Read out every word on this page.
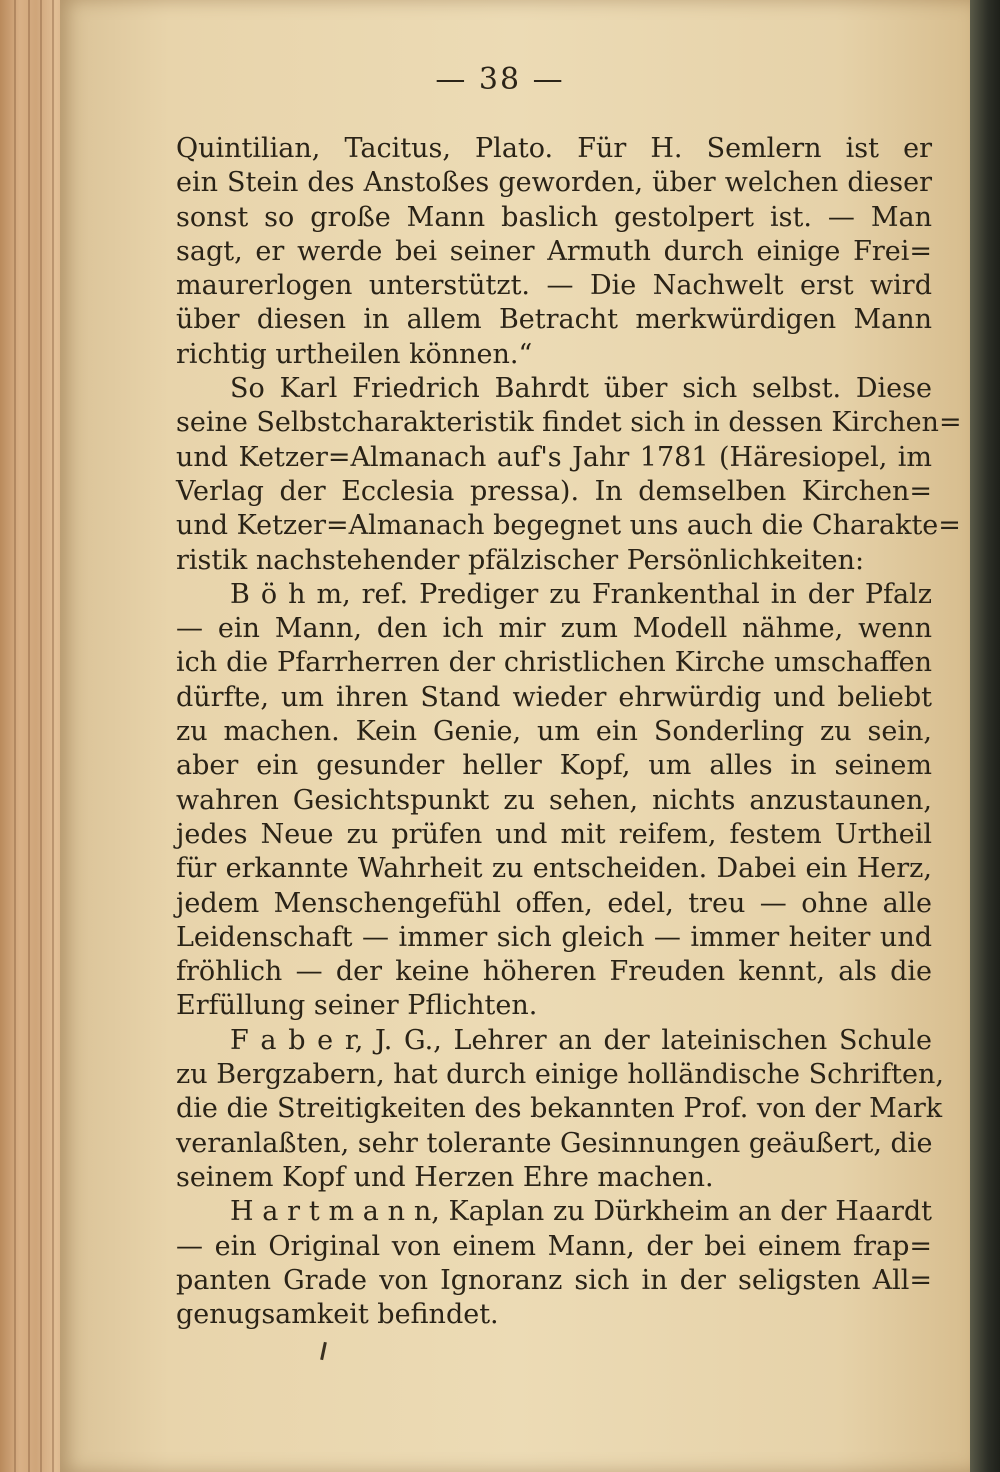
— 38 —
Quintilian, Tacitus, Plato. Für H. Semlern ist er
ein Stein des Anstoßes geworden, über welchen dieser
sonst so große Mann baslich gestolpert ist. — Man
sagt, er werde bei seiner Armuth durch einige Frei=
maurerlogen unterstützt. — Die Nachwelt erst wird
über diesen in allem Betracht merkwürdigen Mann
richtig urtheilen können.“
  So Karl Friedrich Bahrdt über sich selbst. Diese
seine Selbstcharakteristik findet sich in dessen Kirchen=
und Ketzer=Almanach auf's Jahr 1781 (Häresiopel, im
Verlag der Ecclesia pressa). In demselben Kirchen=
und Ketzer=Almanach begegnet uns auch die Charakte=
ristik nachstehender pfälzischer Persönlichkeiten:
  B ö h m, ref. Prediger zu Frankenthal in der Pfalz
— ein Mann, den ich mir zum Modell nähme, wenn
ich die Pfarrherren der christlichen Kirche umschaffen
dürfte, um ihren Stand wieder ehrwürdig und beliebt
zu machen. Kein Genie, um ein Sonderling zu sein,
aber ein gesunder heller Kopf, um alles in seinem
wahren Gesichtspunkt zu sehen, nichts anzustaunen,
jedes Neue zu prüfen und mit reifem, festem Urtheil
für erkannte Wahrheit zu entscheiden. Dabei ein Herz,
jedem Menschengefühl offen, edel, treu — ohne alle
Leidenschaft — immer sich gleich — immer heiter und
fröhlich — der keine höheren Freuden kennt, als die
Erfüllung seiner Pflichten.
  F a b e r, J. G., Lehrer an der lateinischen Schule
zu Bergzabern, hat durch einige holländische Schriften,
die die Streitigkeiten des bekannten Prof. von der Mark
veranlaßten, sehr tolerante Gesinnungen geäußert, die
seinem Kopf und Herzen Ehre machen.
  H a r t m a n n, Kaplan zu Dürkheim an der Haardt
— ein Original von einem Mann, der bei einem frap=
panten Grade von Ignoranz sich in der seligsten All=
genugsamkeit befindet.
